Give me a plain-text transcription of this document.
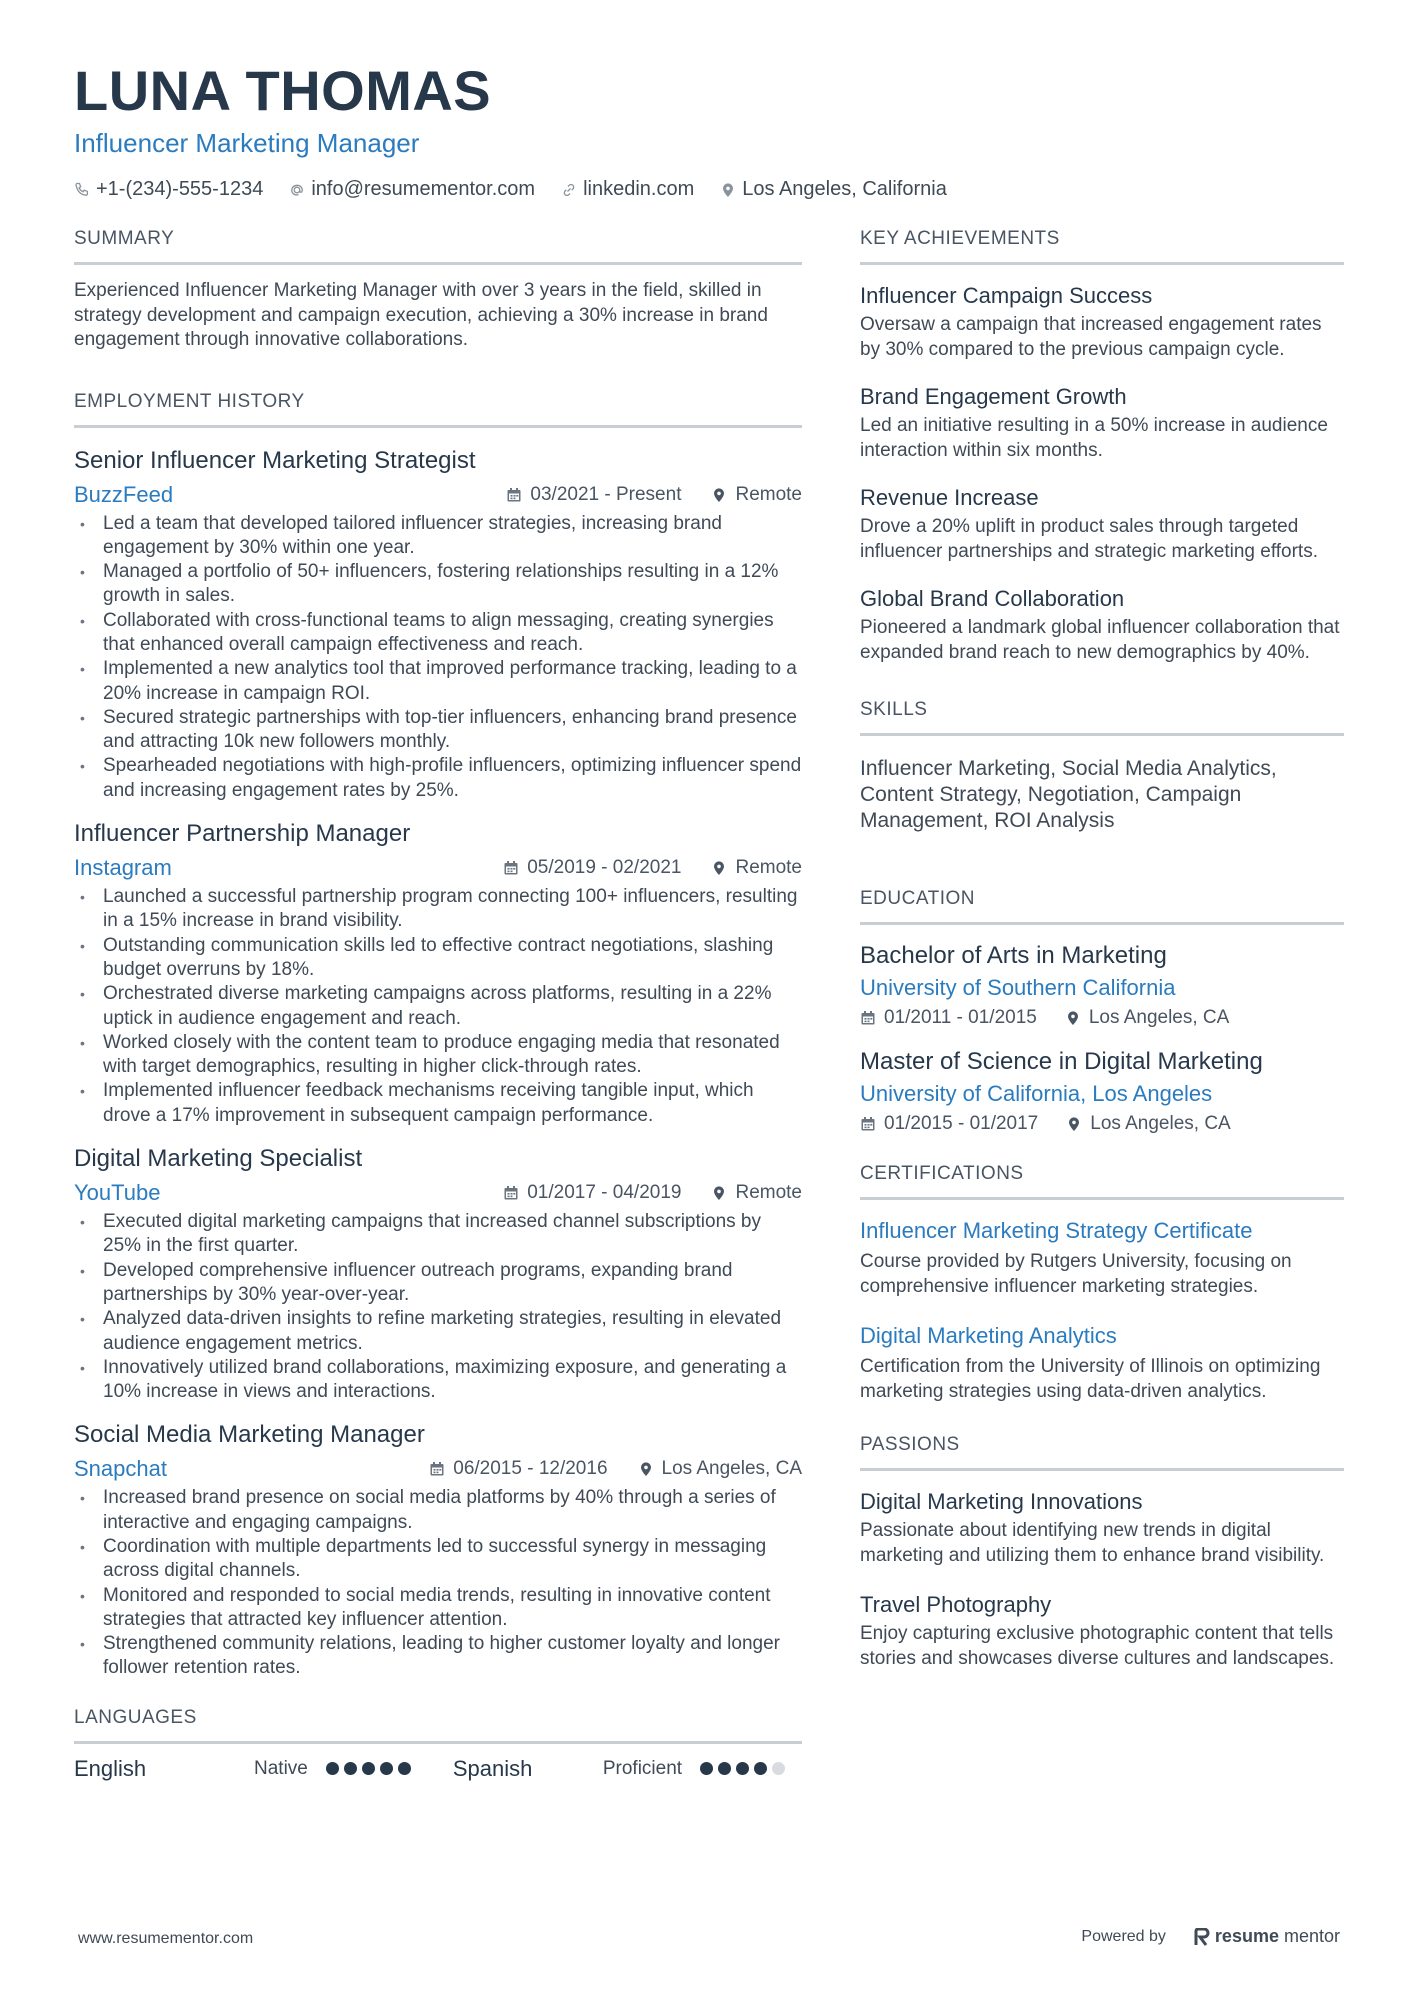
LUNA THOMAS
Influencer Marketing Manager
+1-(234)-555-1234 info@resumementor.com linkedin.com Los Angeles, California
SUMMARY
Experienced Influencer Marketing Manager with over 3 years in the field, skilled in strategy development and campaign execution, achieving a 30% increase in brand engagement through innovative collaborations.
EMPLOYMENT HISTORY
Senior Influencer Marketing Strategist
BuzzFeed	03/2021 - Present	Remote
• Led a team that developed tailored influencer strategies, increasing brand engagement by 30% within one year.
• Managed a portfolio of 50+ influencers, fostering relationships resulting in a 12% growth in sales.
• Collaborated with cross-functional teams to align messaging, creating synergies that enhanced overall campaign effectiveness and reach.
• Implemented a new analytics tool that improved performance tracking, leading to a 20% increase in campaign ROI.
• Secured strategic partnerships with top-tier influencers, enhancing brand presence and attracting 10k new followers monthly.
• Spearheaded negotiations with high-profile influencers, optimizing influencer spend and increasing engagement rates by 25%.
Influencer Partnership Manager
Instagram	05/2019 - 02/2021	Remote
• Launched a successful partnership program connecting 100+ influencers, resulting in a 15% increase in brand visibility.
• Outstanding communication skills led to effective contract negotiations, slashing budget overruns by 18%.
• Orchestrated diverse marketing campaigns across platforms, resulting in a 22% uptick in audience engagement and reach.
• Worked closely with the content team to produce engaging media that resonated with target demographics, resulting in higher click-through rates.
• Implemented influencer feedback mechanisms receiving tangible input, which drove a 17% improvement in subsequent campaign performance.
Digital Marketing Specialist
YouTube	01/2017 - 04/2019	Remote
• Executed digital marketing campaigns that increased channel subscriptions by 25% in the first quarter.
• Developed comprehensive influencer outreach programs, expanding brand partnerships by 30% year-over-year.
• Analyzed data-driven insights to refine marketing strategies, resulting in elevated audience engagement metrics.
• Innovatively utilized brand collaborations, maximizing exposure, and generating a 10% increase in views and interactions.
Social Media Marketing Manager
Snapchat	06/2015 - 12/2016	Los Angeles, CA
• Increased brand presence on social media platforms by 40% through a series of interactive and engaging campaigns.
• Coordination with multiple departments led to successful synergy in messaging across digital channels.
• Monitored and responded to social media trends, resulting in innovative content strategies that attracted key influencer attention.
• Strengthened community relations, leading to higher customer loyalty and longer follower retention rates.
LANGUAGES
English	Native	Spanish	Proficient
KEY ACHIEVEMENTS
Influencer Campaign Success
Oversaw a campaign that increased engagement rates by 30% compared to the previous campaign cycle.
Brand Engagement Growth
Led an initiative resulting in a 50% increase in audience interaction within six months.
Revenue Increase
Drove a 20% uplift in product sales through targeted influencer partnerships and strategic marketing efforts.
Global Brand Collaboration
Pioneered a landmark global influencer collaboration that expanded brand reach to new demographics by 40%.
SKILLS
Influencer Marketing, Social Media Analytics, Content Strategy, Negotiation, Campaign Management, ROI Analysis
EDUCATION
Bachelor of Arts in Marketing
University of Southern California
01/2011 - 01/2015	Los Angeles, CA
Master of Science in Digital Marketing
University of California, Los Angeles
01/2015 - 01/2017	Los Angeles, CA
CERTIFICATIONS
Influencer Marketing Strategy Certificate
Course provided by Rutgers University, focusing on comprehensive influencer marketing strategies.
Digital Marketing Analytics
Certification from the University of Illinois on optimizing marketing strategies using data-driven analytics.
PASSIONS
Digital Marketing Innovations
Passionate about identifying new trends in digital marketing and utilizing them to enhance brand visibility.
Travel Photography
Enjoy capturing exclusive photographic content that tells stories and showcases diverse cultures and landscapes.
www.resumementor.com	Powered by	resume mentor
